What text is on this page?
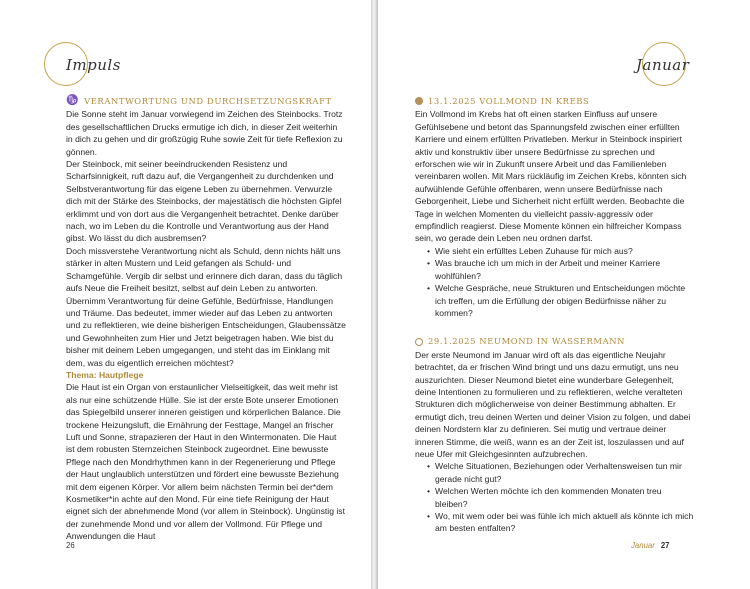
Impuls	Januar
♑ VERANTWORTUNG UND DURCHSETZUNGSKRAFT

Die Sonne steht im Januar vorwiegend im Zeichen des Steinbocks. Trotz des gesellschaftlichen Drucks ermutige ich dich, in dieser Zeit weiterhin in dich zu gehen und dir großzügig Ruhe sowie Zeit für tiefe Reflexion zu gönnen.

Der Steinbock, mit seiner beeindruckenden Resistenz und Scharfsinnigkeit, ruft dazu auf, die Vergangenheit zu durchdenken und Selbstverantwortung für das eigene Leben zu übernehmen. Verwurzle dich mit der Stärke des Steinbocks, der majestätisch die höchsten Gipfel erklimmt und von dort aus die Vergangenheit betrachtet. Denke darüber nach, wo im Leben du die Kontrolle und Verantwortung aus der Hand gibst. Wo lässt du dich ausbremsen?

Doch missverstehe Verantwortung nicht als Schuld, denn nichts hält uns stärker in alten Mustern und Leid gefangen als Schuld- und Schamgefühle. Vergib dir selbst und erinnere dich daran, dass du täglich aufs Neue die Freiheit besitzt, selbst auf dein Leben zu antworten. Übernimm Verantwortung für deine Gefühle, Bedürfnisse, Handlungen und Träume. Das bedeutet, immer wieder auf das Leben zu antworten und zu reflektieren, wie deine bisherigen Entscheidungen, Glaubenssätze und Gewohnheiten zum Hier und Jetzt beigetragen haben. Wie bist du bisher mit deinem Leben umgegangen, und steht das im Einklang mit dem, was du eigentlich erreichen möchtest?

Thema: Hautpflege

Die Haut ist ein Organ von erstaunlicher Vielseitigkeit, das weit mehr ist als nur eine schützende Hülle. Sie ist der erste Bote unserer Emotionen das Spiegelbild unserer inneren geistigen und körperlichen Balance. Die trockene Heizungsluft, die Ernährung der Festtage, Mangel an frischer Luft und Sonne, strapazieren der Haut in den Wintermonaten. Die Haut ist dem robusten Sternzeichen Steinbock zugeordnet. Eine bewusste Pflege nach den Mondrhythmen kann in der Regenerierung und Pflege der Haut unglaublich unterstützen und fördert eine bewusste Beziehung mit dem eigenen Körper. Vor allem beim nächsten Termin bei der*dem Kosmetiker*in achte auf den Mond. Für eine tiefe Reinigung der Haut eignet sich der abnehmende Mond (vor allem in Steinbock). Ungünstig ist der zunehmende Mond und vor allem der Vollmond. Für Pflege und Anwendungen die Haut

13.1.2025 VOLLMOND IN KREBS

Ein Vollmond im Krebs hat oft einen starken Einfluss auf unsere Gefühlsebene und betont das Spannungsfeld zwischen einer erfüllten Karriere und einem erfüllten Privatleben. Merkur in Steinbock inspiriert aktiv und konstruktiv über unsere Bedürfnisse zu sprechen und erforschen wie wir in Zukunft unsere Arbeit und das Familienleben vereinbaren wollen. Mit Mars rückläufig im Zeichen Krebs, könnten sich aufwühlende Gefühle offenbaren, wenn unsere Bedürfnisse nach Geborgenheit, Liebe und Sicherheit nicht erfüllt werden. Beobachte die Tage in welchen Momenten du vielleicht passiv-aggressiv oder empfindlich reagierst. Diese Momente können ein hilfreicher Kompass sein, wo gerade dein Leben neu ordnen darfst.

• Wie sieht ein erfülltes Leben Zuhause für mich aus?
• Was brauche ich um mich in der Arbeit und meiner Karriere wohlfühlen?
• Welche Gespräche, neue Strukturen und Entscheidungen möchte ich treffen, um die Erfüllung der obigen Bedürfnisse näher zu kommen?
29.1.2025 NEUMOND IN WASSERMANN

Der erste Neumond im Januar wird oft als das eigentliche Neujahr betrachtet, da er frischen Wind bringt und uns dazu ermutigt, uns neu auszurichten. Dieser Neumond bietet eine wunderbare Gelegenheit, deine Intentionen zu formulieren und zu reflektieren, welche veralteten Strukturen dich möglicherweise von deiner Bestimmung abhalten. Er ermutigt dich, treu deinen Werten und deiner Vision zu folgen, und dabei deinen Nordstern klar zu definieren. Sei mutig und vertraue deiner inneren Stimme, die weiß, wann es an der Zeit ist, loszulassen und auf neue Ufer mit Gleichgesinnten aufzubrechen.

• Welche Situationen, Beziehungen oder Verhaltensweisen tun mir gerade nicht gut?
• Welchen Werten möchte ich den kommenden Monaten treu bleiben?
• Wo, mit wem oder bei was fühle ich mich aktuell als könnte ich mich am besten entfalten?
26	Januar 27
